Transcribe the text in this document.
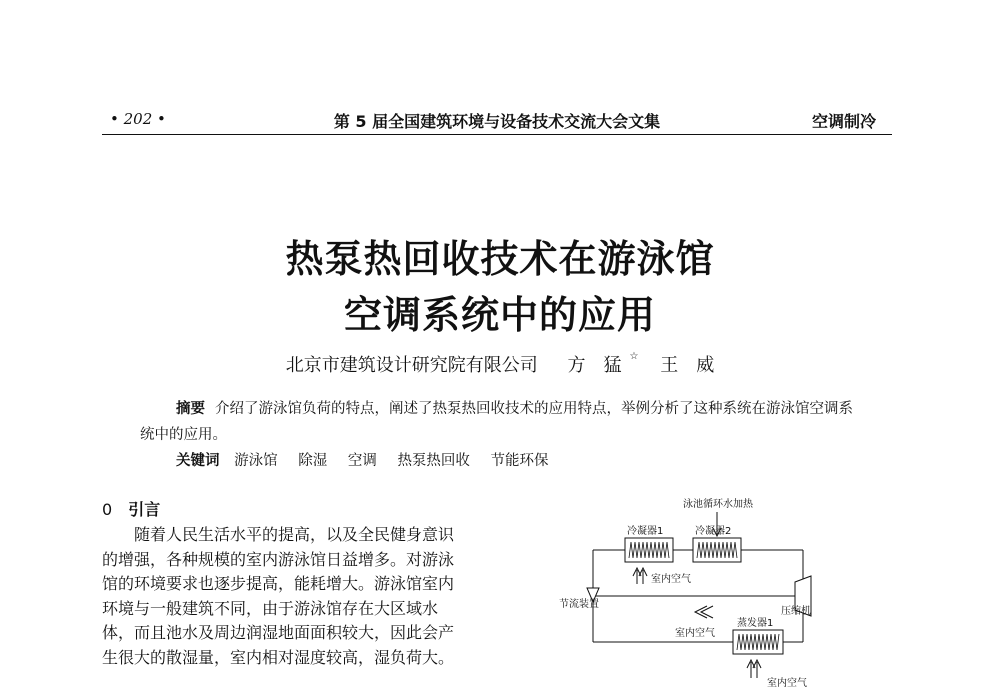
• 202 •	第 5 届全国建筑环境与设备技术交流大会文集	空调制冷
热泵热回收技术在游泳馆
空调系统中的应用
北京市建筑设计研究院有限公司 方　猛 ☆ 王　威
摘要 介绍了游泳馆负荷的特点，阐述了热泵热回收技术的应用特点，举例分析了这种系统在游泳馆空调系统中的应用。
关键词 游泳馆 除湿 空调 热泵热回收 节能环保
0 引言
随着人民生活水平的提高，以及全民健身意识
的增强，各种规模的室内游泳馆日益增多。对游泳
馆的环境要求也逐步提高，能耗增大。游泳馆室内
环境与一般建筑不同，由于游泳馆存在大区域水
体，而且池水及周边润湿地面面积较大，因此会产
生很大的散湿量，室内相对湿度较高，湿负荷大。
冷凝器1	冷凝器2
泳池循环水加热
室内空气
节流装置
压缩机
室内空气
蒸发器1
室内空气
